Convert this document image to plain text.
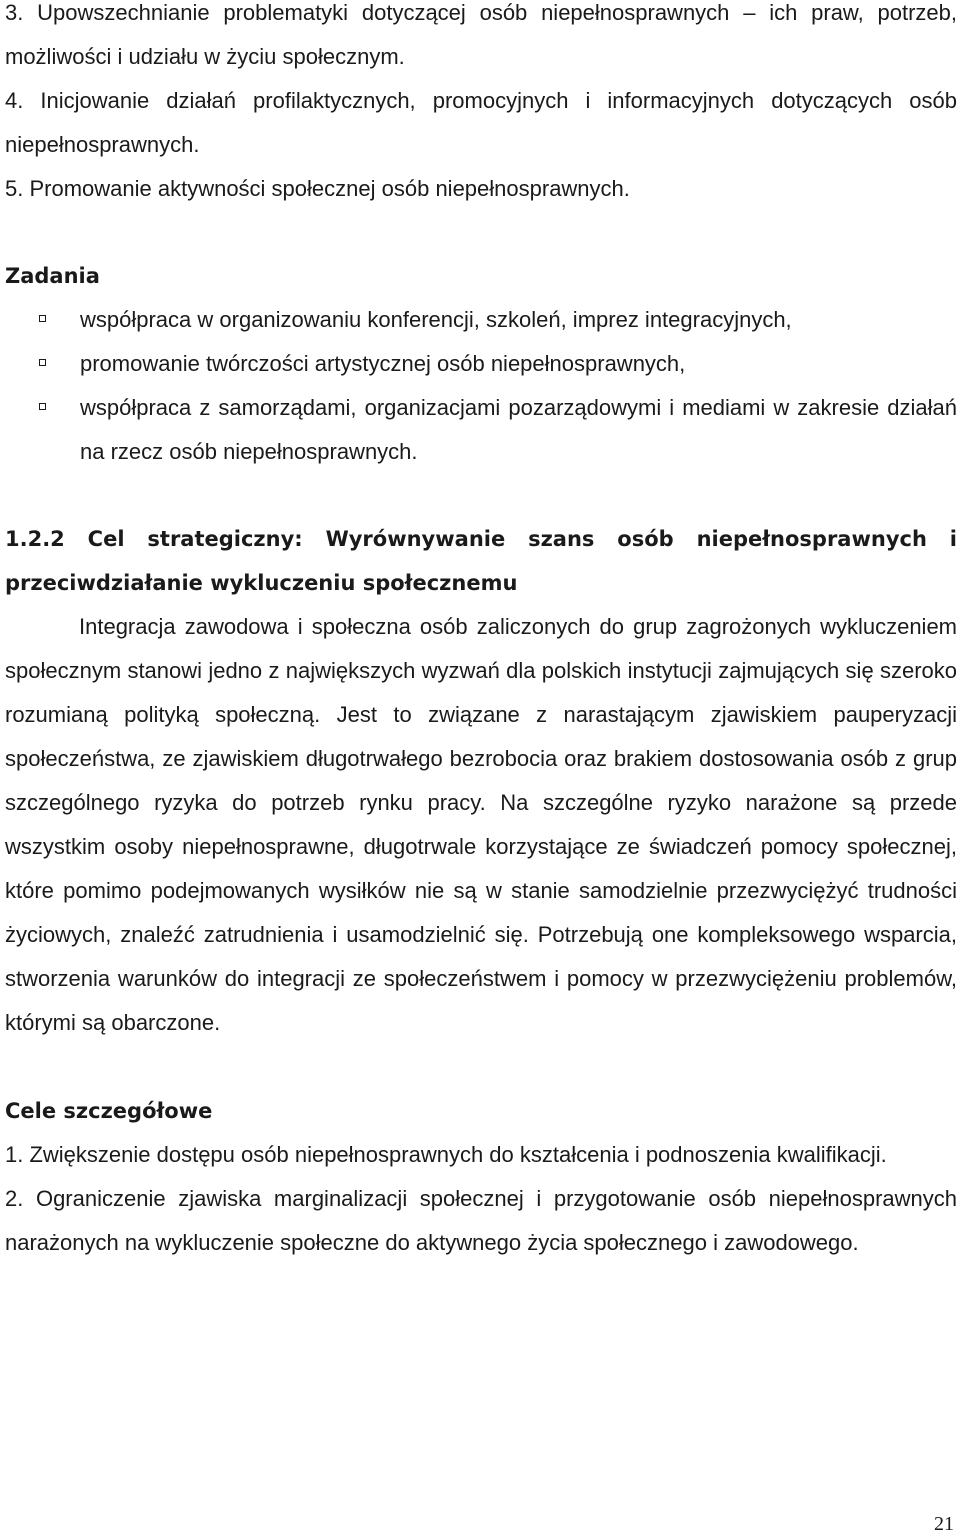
3. Upowszechnianie problematyki dotyczącej osób niepełnosprawnych – ich praw, potrzeb, możliwości i udziału w życiu społecznym.

4. Inicjowanie działań profilaktycznych, promocyjnych i informacyjnych dotyczących osób niepełnosprawnych.

5. Promowanie aktywności społecznej osób niepełnosprawnych.

Zadania
współpraca w organizowaniu konferencji, szkoleń, imprez integracyjnych,
promowanie twórczości artystycznej osób niepełnosprawnych,
współpraca z samorządami, organizacjami pozarządowymi i mediami w zakresie działań na rzecz osób niepełnosprawnych.
1.2.2 Cel strategiczny: Wyrównywanie szans osób niepełnosprawnych i przeciwdziałanie wykluczeniu społecznemu

Integracja zawodowa i społeczna osób zaliczonych do grup zagrożonych wykluczeniem społecznym stanowi jedno z największych wyzwań dla polskich instytucji zajmujących się szeroko rozumianą polityką społeczną. Jest to związane z narastającym zjawiskiem pauperyzacji społeczeństwa, ze zjawiskiem długotrwałego bezrobocia oraz brakiem dostosowania osób z grup szczególnego ryzyka do potrzeb rynku pracy. Na szczególne ryzyko narażone są przede wszystkim osoby niepełnosprawne, długotrwale korzystające ze świadczeń pomocy społecznej, które pomimo podejmowanych wysiłków nie są w stanie samodzielnie przezwyciężyć trudności życiowych, znaleźć zatrudnienia i usamodzielnić się. Potrzebują one kompleksowego wsparcia, stworzenia warunków do integracji ze społeczeństwem i pomocy w przezwyciężeniu problemów, którymi są obarczone.

Cele szczegółowe

1. Zwiększenie dostępu osób niepełnosprawnych do kształcenia i podnoszenia kwalifikacji.

2. Ograniczenie zjawiska marginalizacji społecznej i przygotowanie osób niepełnosprawnych narażonych na wykluczenie społeczne do aktywnego życia społecznego i zawodowego.

21
